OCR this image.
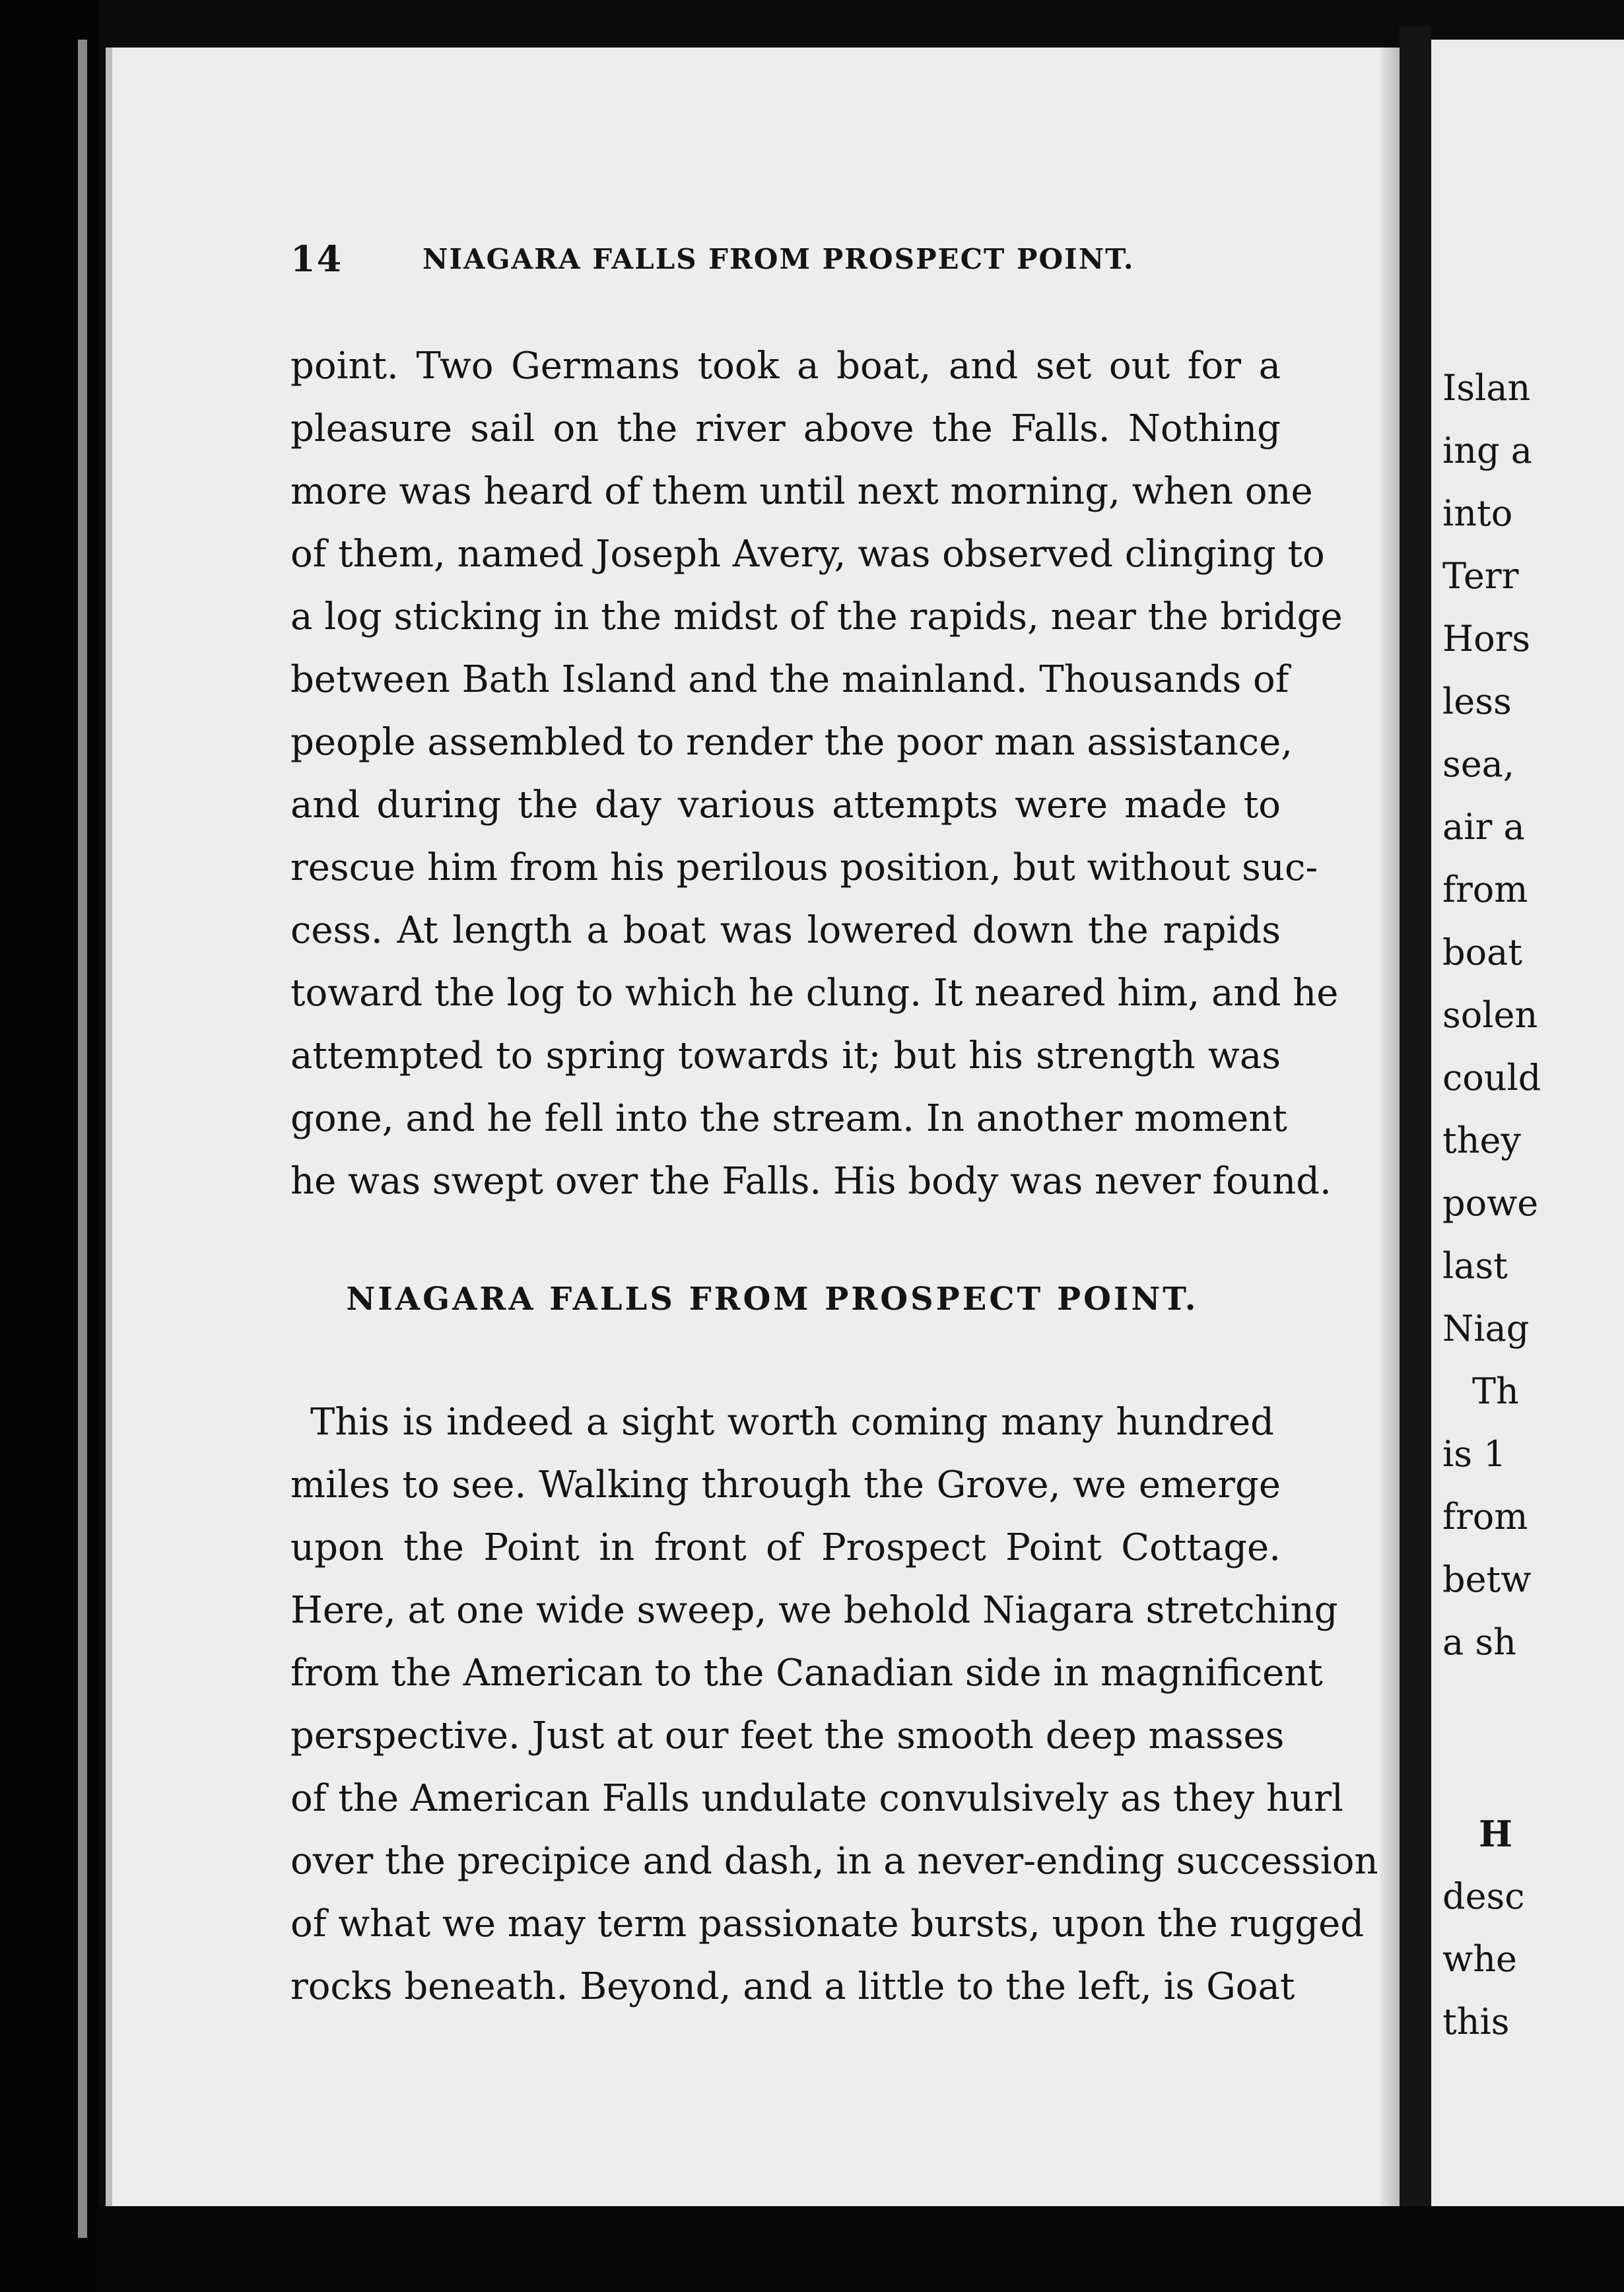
14	NIAGARA FALLS FROM PROSPECT POINT.
point. Two Germans took a boat, and set out for a
pleasure sail on the river above the Falls. Nothing
more was heard of them until next morning, when one
of them, named Joseph Avery, was observed clinging to
a log sticking in the midst of the rapids, near the bridge
between Bath Island and the mainland. Thousands of
people assembled to render the poor man assistance,
and during the day various attempts were made to
rescue him from his perilous position, but without suc-
cess. At length a boat was lowered down the rapids
toward the log to which he clung. It neared him, and he
attempted to spring towards it; but his strength was
gone, and he fell into the stream. In another moment
he was swept over the Falls. His body was never found.
NIAGARA FALLS FROM PROSPECT POINT.
This is indeed a sight worth coming many hundred
miles to see. Walking through the Grove, we emerge
upon the Point in front of Prospect Point Cottage.
Here, at one wide sweep, we behold Niagara stretching
from the American to the Canadian side in magnificent
perspective. Just at our feet the smooth deep masses
of the American Falls undulate convulsively as they hurl
over the precipice and dash, in a never-ending succession
of what we may term passionate bursts, upon the rugged
rocks beneath. Beyond, and a little to the left, is Goat
Islan
ing a
into
Terr
Hors
less
sea,
air a
from
boat
solen
could
they
powe
last
Niag
Th
is 1
from
betw
a sh
H
desc
whe
this
